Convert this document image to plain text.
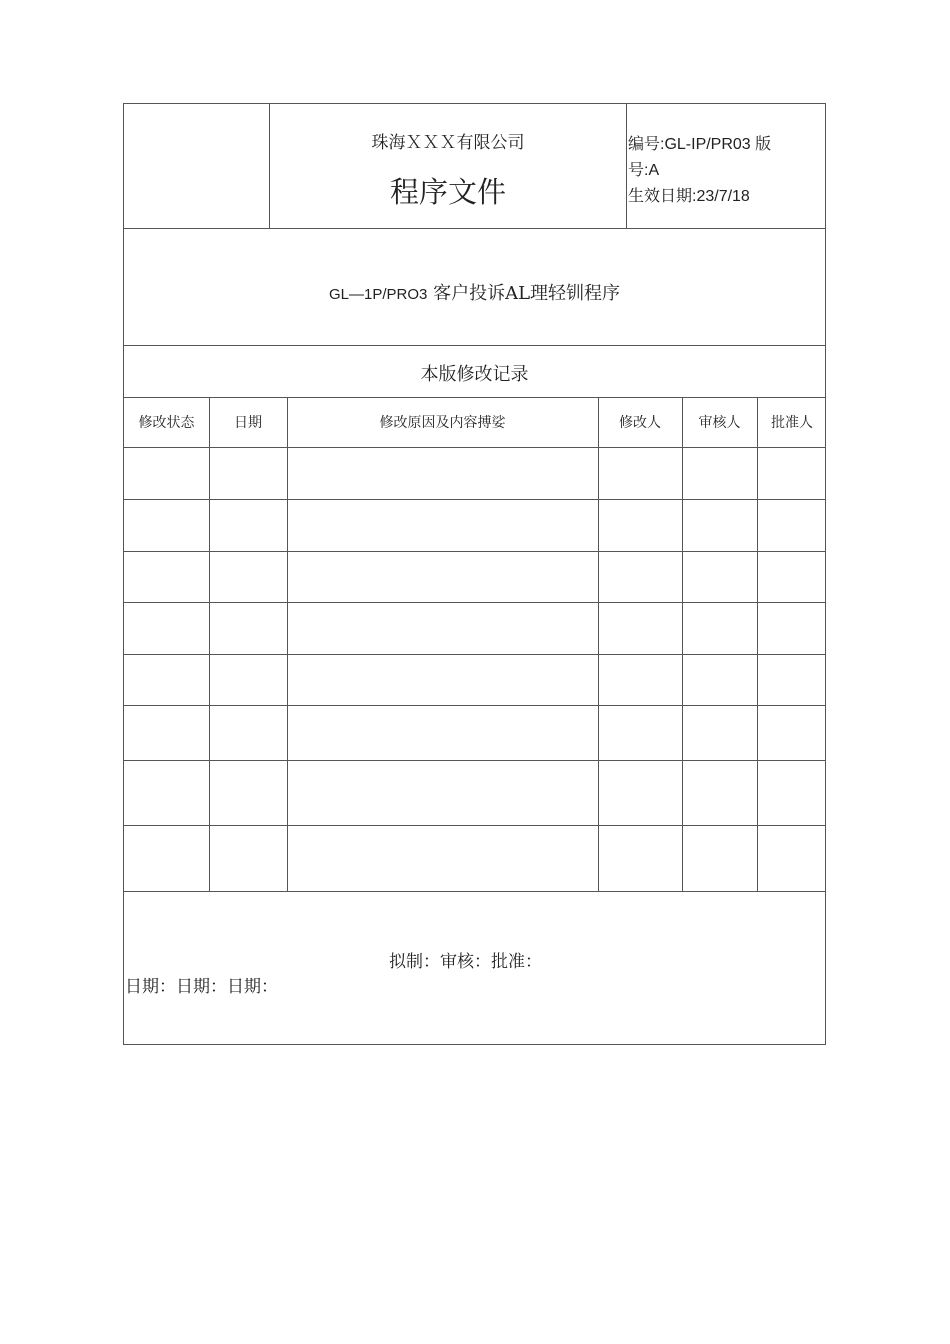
珠海ＸＸＸ有限公司
程序文件
编号:GL-IP/PR03 版
号:A
生效日期:23/7/18
GL—1P/PRO3 客户投诉AL理轻钏程序
本版修改记录
修改状态	日期	修改原因及内容搏娑	修改人	审核人	批准人
拟制：审核：批准：
日期：日期：日期：
